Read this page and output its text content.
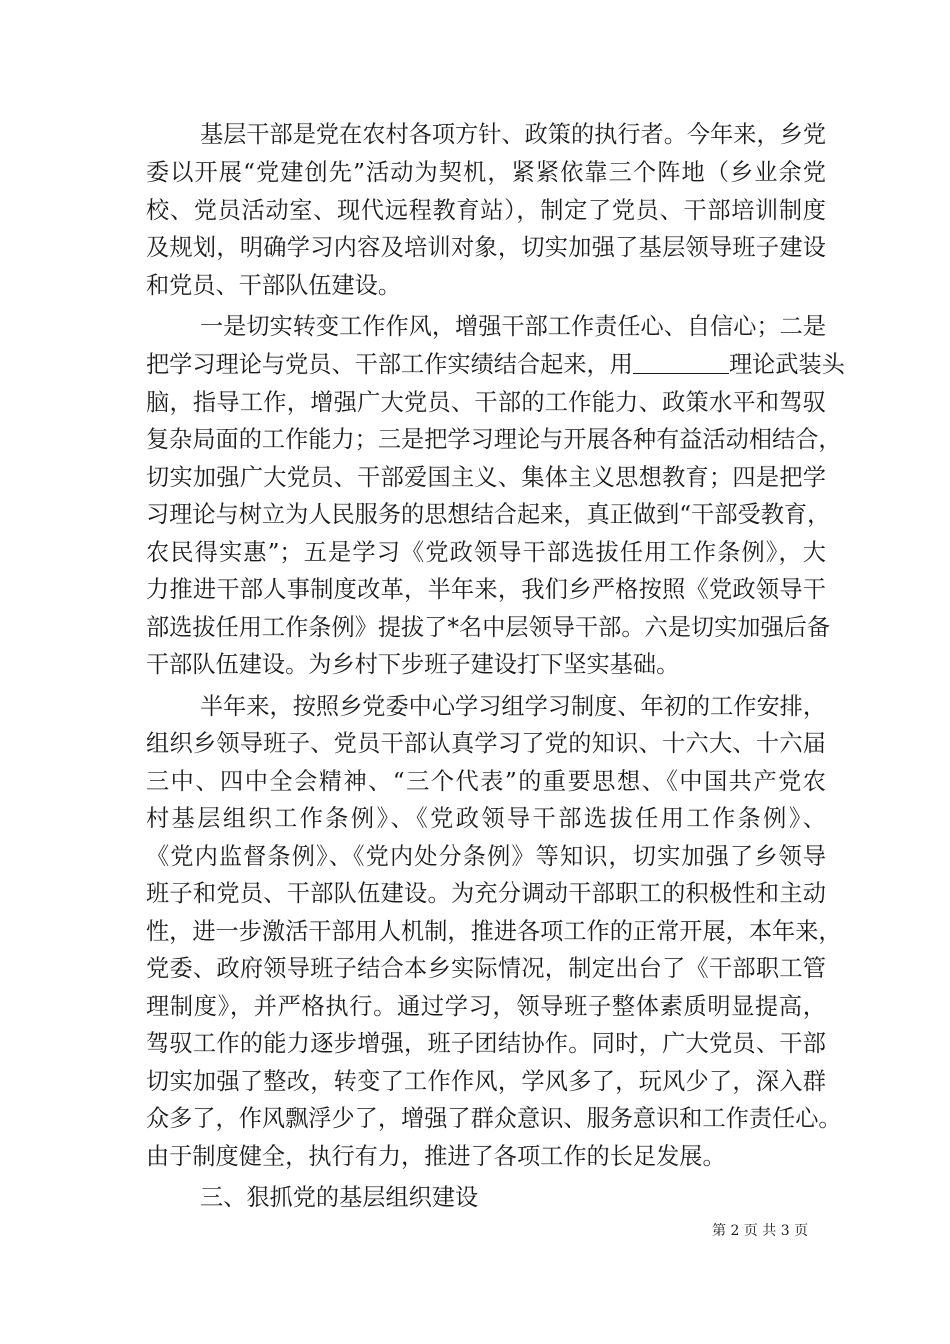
基层干部是党在农村各项方针、政策的执行者。今年来，乡党
委以开展“党建创先”活动为契机，紧紧依靠三个阵地（乡业余党
校、党员活动室、现代远程教育站），制定了党员、干部培训制度
及规划，明确学习内容及培训对象，切实加强了基层领导班子建设
和党员、干部队伍建设。
一是切实转变工作作风，增强干部工作责任心、自信心；二是
把学习理论与党员、干部工作实绩结合起来，用	理论武装头
脑，指导工作，增强广大党员、干部的工作能力、政策水平和驾驭
复杂局面的工作能力；三是把学习理论与开展各种有益活动相结合，
切实加强广大党员、干部爱国主义、集体主义思想教育；四是把学
习理论与树立为人民服务的思想结合起来，真正做到“干部受教育，
农民得实惠”；五是学习《党政领导干部选拔任用工作条例》，大
力推进干部人事制度改革，半年来，我们乡严格按照《党政领导干
部选拔任用工作条例》提拔了*名中层领导干部。六是切实加强后备
干部队伍建设。为乡村下步班子建设打下坚实基础。
半年来，按照乡党委中心学习组学习制度、年初的工作安排，
组织乡领导班子、党员干部认真学习了党的知识、十六大、十六届
三中、四中全会精神、“三个代表”的重要思想、《中国共产党农
村基层组织工作条例》、《党政领导干部选拔任用工作条例》、
《党内监督条例》、《党内处分条例》等知识，切实加强了乡领导
班子和党员、干部队伍建设。为充分调动干部职工的积极性和主动
性，进一步激活干部用人机制，推进各项工作的正常开展，本年来，
党委、政府领导班子结合本乡实际情况，制定出台了《干部职工管
理制度》，并严格执行。通过学习，领导班子整体素质明显提高，
驾驭工作的能力逐步增强，班子团结协作。同时，广大党员、干部
切实加强了整改，转变了工作作风，学风多了，玩风少了，深入群
众多了，作风飘浮少了，增强了群众意识、服务意识和工作责任心。
由于制度健全，执行有力，推进了各项工作的长足发展。
三、狠抓党的基层组织建设
第 2 页 共 3 页
